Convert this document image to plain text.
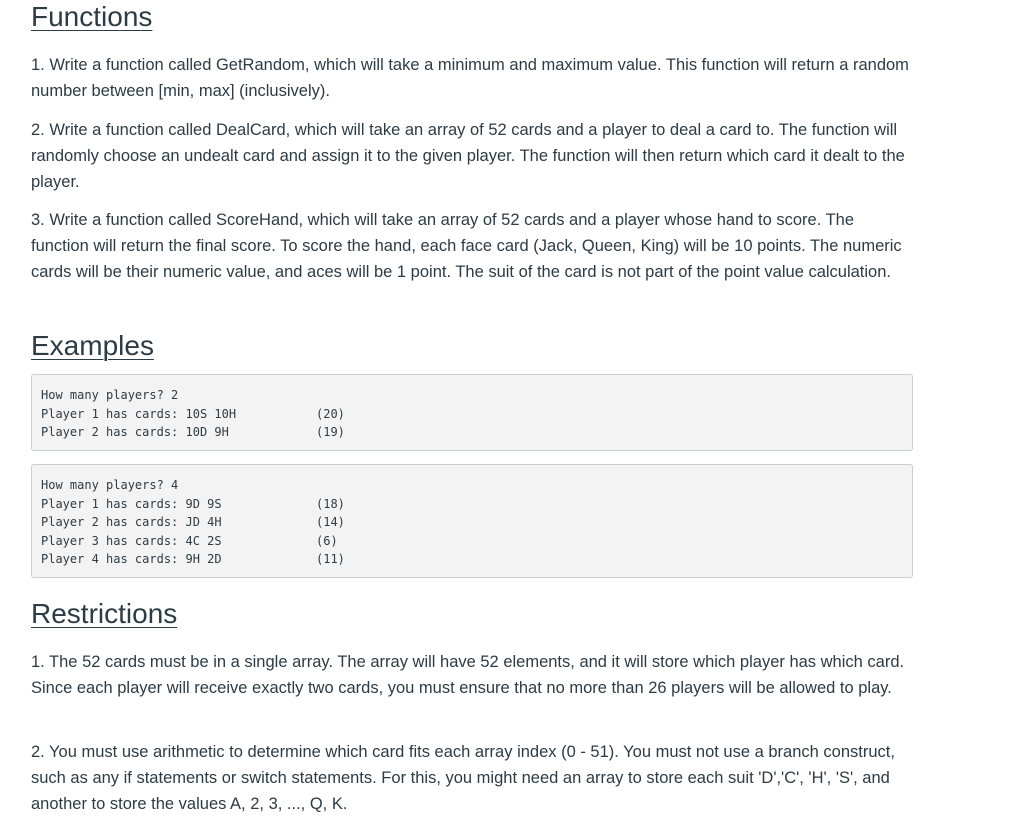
Functions

1. Write a function called GetRandom, which will take a minimum and maximum value. This function will return a random number between [min, max] (inclusively).

2. Write a function called DealCard, which will take an array of 52 cards and a player to deal a card to. The function will randomly choose an undealt card and assign it to the given player. The function will then return which card it dealt to the player.

3. Write a function called ScoreHand, which will take an array of 52 cards and a player whose hand to score. The function will return the final score. To score the hand, each face card (Jack, Queen, King) will be 10 points. The numeric cards will be their numeric value, and aces will be 1 point. The suit of the card is not part of the point value calculation.

Examples
How many players? 2
Player 1 has cards: 10S 10H	(20)
Player 2 has cards: 10D 9H	(19)
How many players? 4
Player 1 has cards: 9D 9S	(18)
Player 2 has cards: JD 4H	(14)
Player 3 has cards: 4C 2S	(6)
Player 4 has cards: 9H 2D	(11)
Restrictions

1. The 52 cards must be in a single array. The array will have 52 elements, and it will store which player has which card. Since each player will receive exactly two cards, you must ensure that no more than 26 players will be allowed to play.

2. You must use arithmetic to determine which card fits each array index (0 - 51). You must not use a branch construct, such as any if statements or switch statements. For this, you might need an array to store each suit 'D','C', 'H', 'S', and another to store the values A, 2, 3, ..., Q, K.
